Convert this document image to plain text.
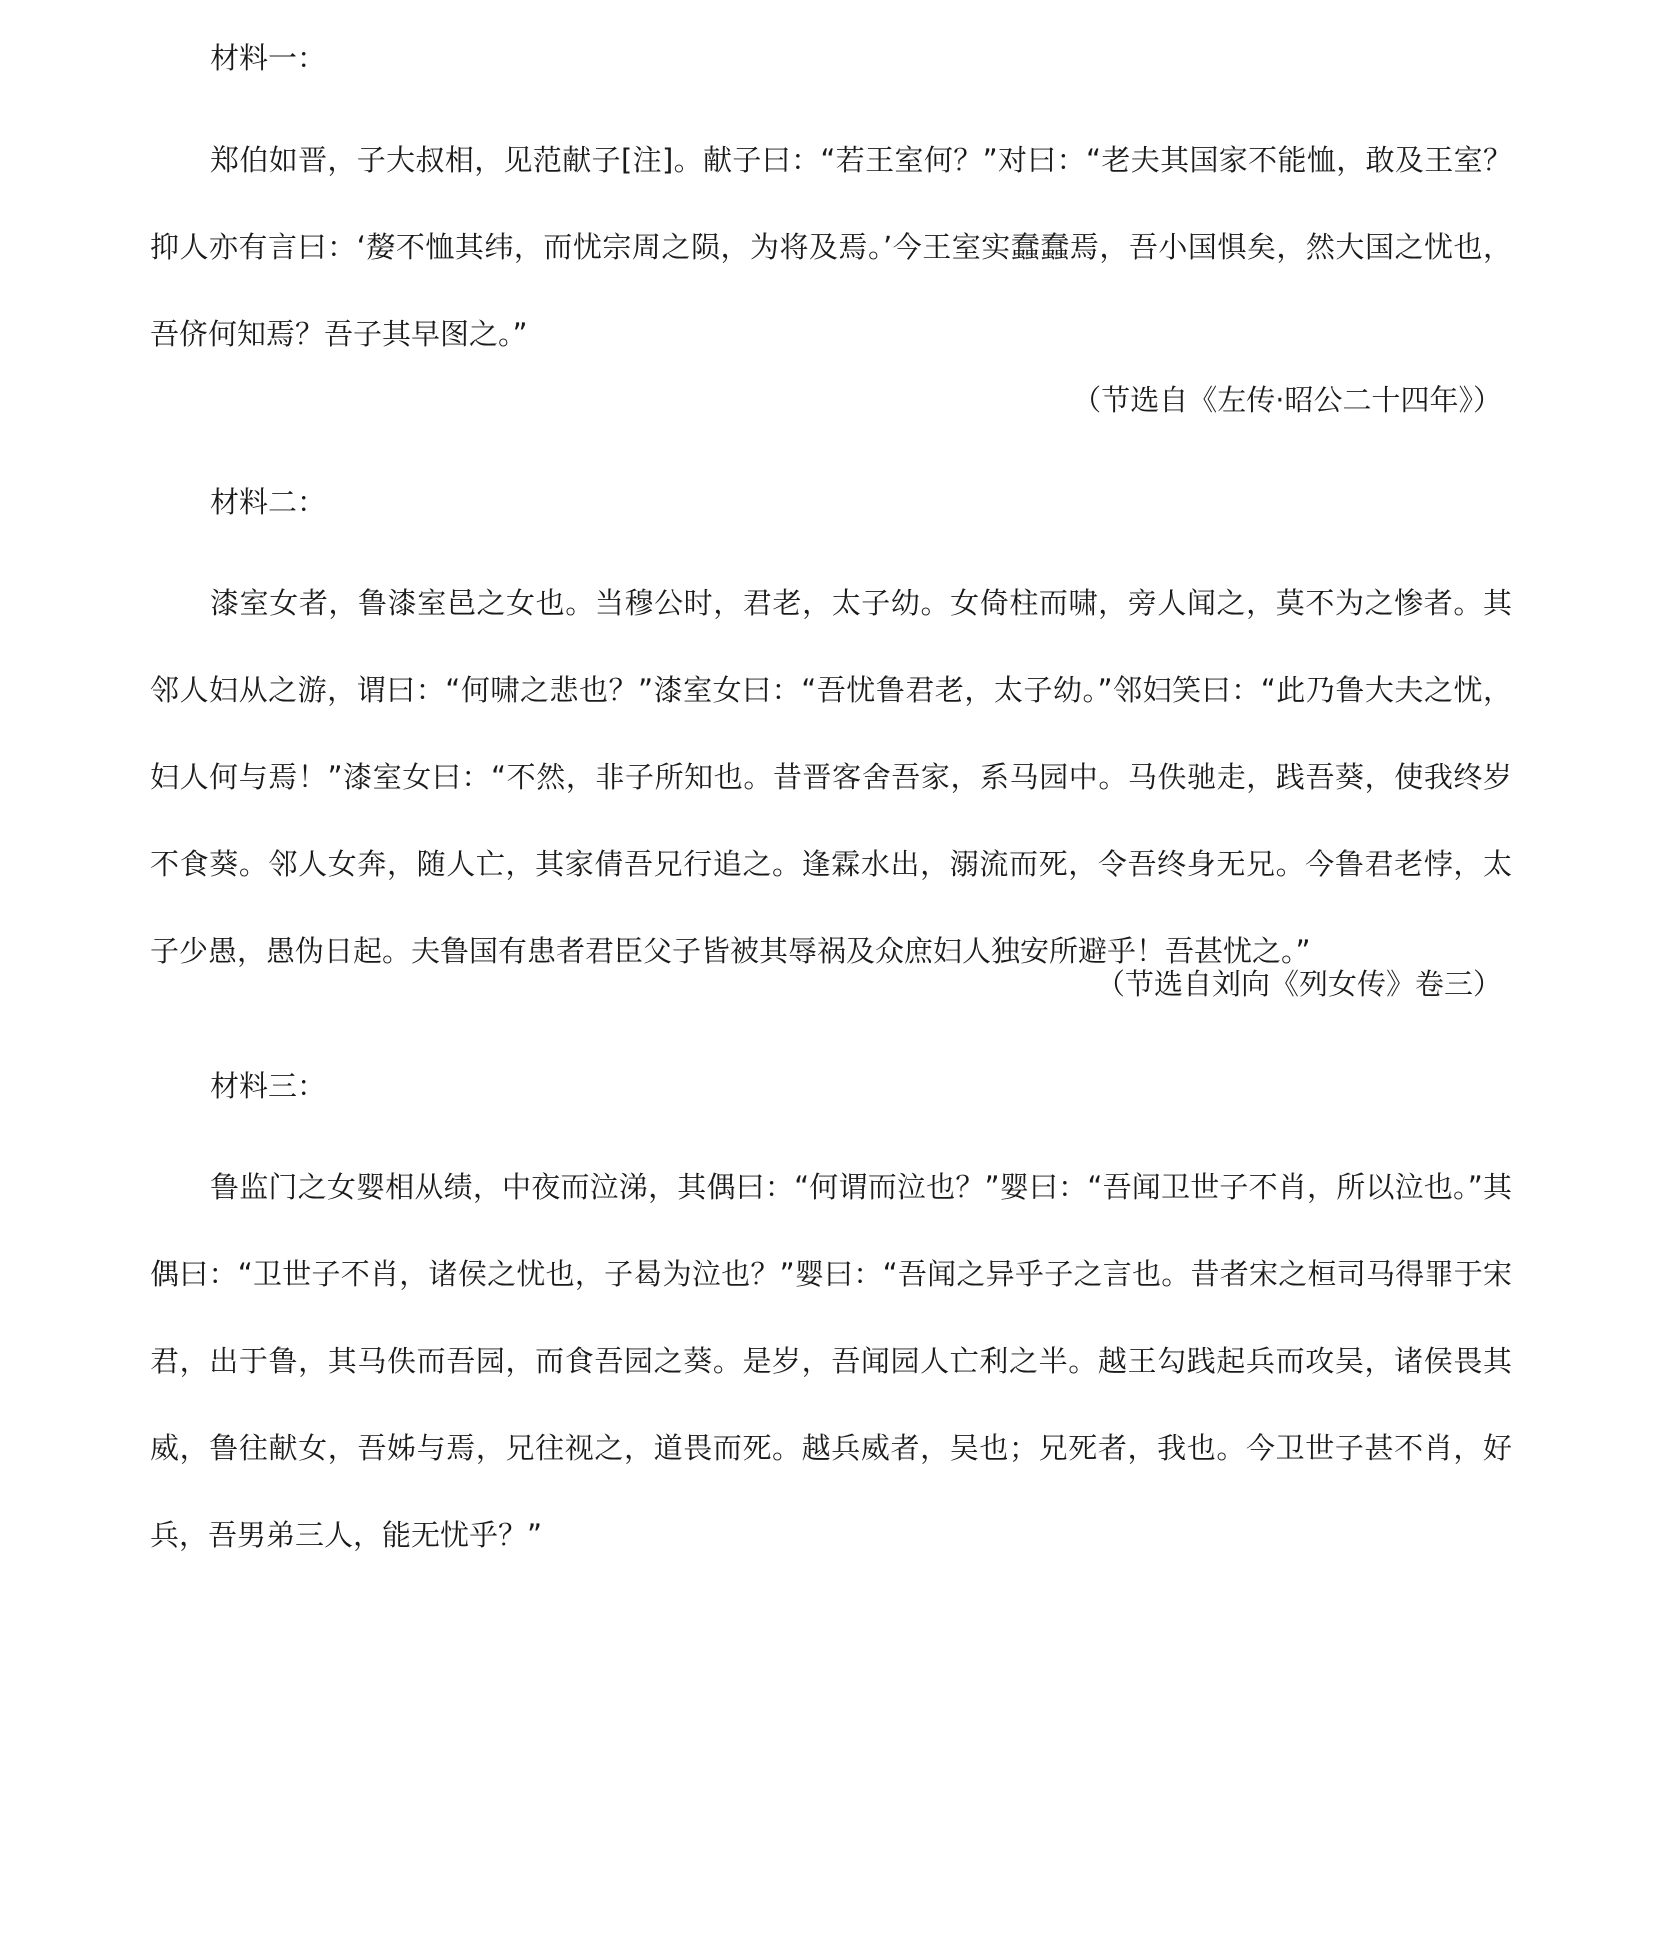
材料一：

郑伯如晋，子大叔相，见范献子[注]。献子曰：“若王室何？”对曰：“老夫其国家不能恤，敢及王室？抑人亦有言曰：‘嫠不恤其纬，而忧宗周之陨，为将及焉。’今王室实蠢蠢焉，吾小国惧矣，然大国之忧也，吾侪何知焉？吾子其早图之。”

（节选自《左传·昭公二十四年》）

材料二：

漆室女者，鲁漆室邑之女也。当穆公时，君老，太子幼。女倚柱而啸，旁人闻之，莫不为之惨者。其邻人妇从之游，谓曰：“何啸之悲也？”漆室女曰：“吾忧鲁君老，太子幼。”邻妇笑曰：“此乃鲁大夫之忧，妇人何与焉！”漆室女曰：“不然，非子所知也。昔晋客舍吾家，系马园中。马佚驰走，践吾葵，使我终岁不食葵。邻人女奔，随人亡，其家倩吾兄行追之。逢霖水出，溺流而死，令吾终身无兄。今鲁君老悖，太子少愚，愚伪日起。夫鲁国有患者君臣父子皆被其辱祸及众庶妇人独安所避乎！吾甚忧之。”

（节选自刘向《列女传》卷三）

材料三：

鲁监门之女婴相从绩，中夜而泣涕，其偶曰：“何谓而泣也？”婴曰：“吾闻卫世子不肖，所以泣也。”其偶曰：“卫世子不肖，诸侯之忧也，子曷为泣也？”婴曰：“吾闻之异乎子之言也。昔者宋之桓司马得罪于宋君，出于鲁，其马佚而吾园，而食吾园之葵。是岁，吾闻园人亡利之半。越王勾践起兵而攻吴，诸侯畏其威，鲁往献女，吾姊与焉，兄往视之，道畏而死。越兵威者，吴也；兄死者，我也。今卫世子甚不肖，好兵，吾男弟三人，能无忧乎？”
